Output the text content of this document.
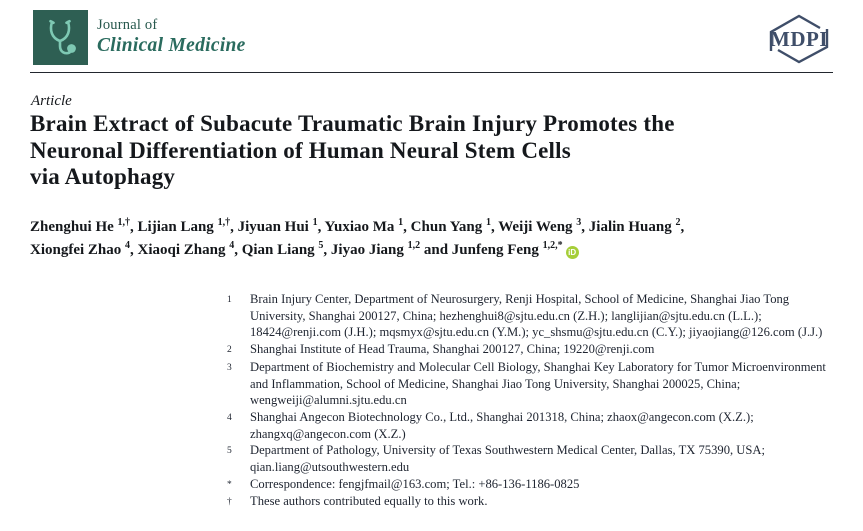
Journal of
Clinical Medicine	MDPI
Article
Brain Extract of Subacute Traumatic Brain Injury Promotes the
Neuronal Differentiation of Human Neural Stem Cells
via Autophagy
Zhenghui He $^{1,\dagger}$, Lijian Lang $^{1,\dagger}$, Jiyuan Hui $^1$, Yuxiao Ma $^1$, Chun Yang $^1$, Weiji Weng $^3$, Jialin Huang $^2$,
Xiongfei Zhao $^4$, Xiaoqi Zhang $^4$, Qian Liang $^5$, Jiyao Jiang $^{1,2}$ and Junfeng Feng $^{1,2,*}$iD
1	Brain Injury Center, Department of Neurosurgery, Renji Hospital, School of Medicine, Shanghai Jiao Tong University, Shanghai 200127, China; hezhenghui8@sjtu.edu.cn (Z.H.); langlijian@sjtu.edu.cn (L.L.); 18424@renji.com (J.H.); mqsmyx@sjtu.edu.cn (Y.M.); yc_shsmu@sjtu.edu.cn (C.Y.); jiyaojiang@126.com (J.J.)
2	Shanghai Institute of Head Trauma, Shanghai 200127, China; 19220@renji.com
3	Department of Biochemistry and Molecular Cell Biology, Shanghai Key Laboratory for Tumor Microenvironment and Inflammation, School of Medicine, Shanghai Jiao Tong University, Shanghai 200025, China; wengweiji@alumni.sjtu.edu.cn
4	Shanghai Angecon Biotechnology Co., Ltd., Shanghai 201318, China; zhaox@angecon.com (X.Z.); zhangxq@angecon.com (X.Z.)
5	Department of Pathology, University of Texas Southwestern Medical Center, Dallas, TX 75390, USA; qian.liang@utsouthwestern.edu
*	Correspondence: fengjfmail@163.com; Tel.: +86-136-1186-0825
†	These authors contributed equally to this work.
